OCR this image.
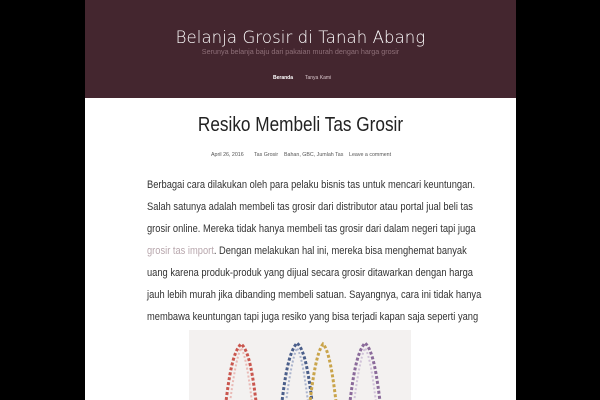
Belanja Grosir di Tanah Abang
Serunya belanja baju dari pakaian murah dengan harga grosir
Beranda Tanya Kami
Resiko Membeli Tas Grosir
April 26, 2016 Tas Grosir Bahan, GBC, Jumlah Tas Leave a comment
Berbagai cara dilakukan oleh para pelaku bisnis tas untuk mencari keuntungan.
Salah satunya adalah membeli tas grosir dari distributor atau portal jual beli tas
grosir online. Mereka tidak hanya membeli tas grosir dari dalam negeri tapi juga
grosir tas import. Dengan melakukan hal ini, mereka bisa menghemat banyak
uang karena produk-produk yang dijual secara grosir ditawarkan dengan harga
jauh lebih murah jika dibanding membeli satuan. Sayangnya, cara ini tidak hanya
membawa keuntungan tapi juga resiko yang bisa terjadi kapan saja seperti yang
